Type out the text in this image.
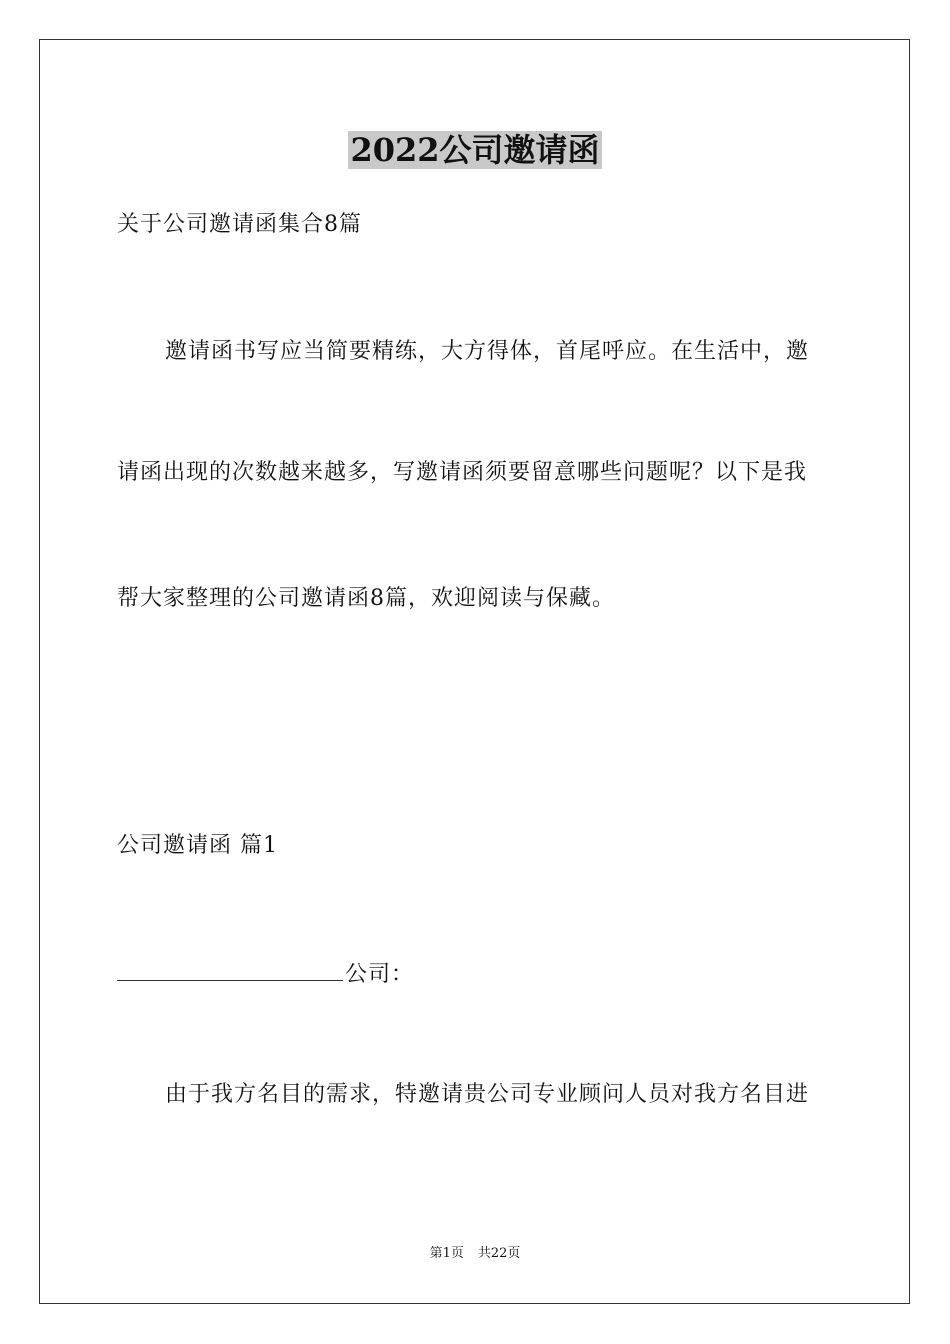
2022公司邀请函
关于公司邀请函集合8篇
邀请函书写应当简要精练，大方得体，首尾呼应。在生活中，邀
请函出现的次数越来越多，写邀请函须要留意哪些问题呢？以下是我
帮大家整理的公司邀请函8篇，欢迎阅读与保藏。
公司邀请函 篇1
公司：
由于我方名目的需求，特邀请贵公司专业顾问人员对我方名目进
第1页 共22页
